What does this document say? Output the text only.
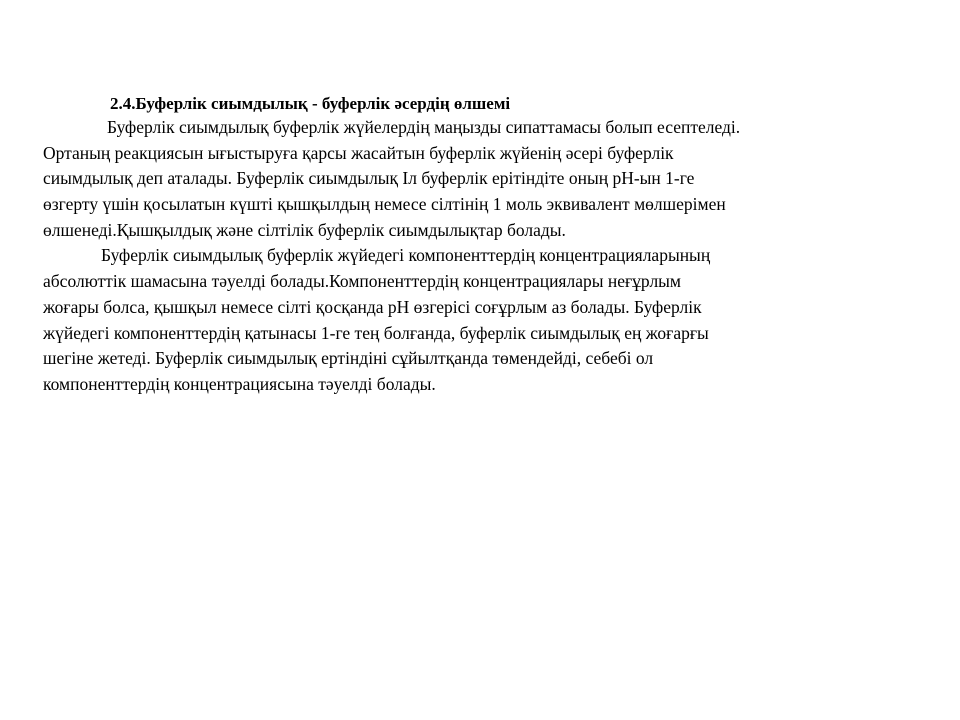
2.4.Буферлік сиымдылық - буферлік әсердің өлшемі
Буферлік сиымдылық буферлік жүйелердің маңызды сипаттамасы болып есептеледі.
Ортаның реакциясын ығыстыруға қарсы жасайтын буферлік жүйенің әсері буферлік
сиымдылық деп аталады. Буферлік сиымдылық Iл буферлік ерітіндіте оның pH-ын 1-ге
өзгерту үшін қосылатын күшті қышқылдың немесе сілтінің 1 моль эквивалент мөлшерімен
өлшенеді.Қышқылдық және сілтілік буферлік сиымдылықтар болады.
Буферлік сиымдылық буферлік жүйедегі компоненттердің концентрацияларының
абсолюттік шамасына тәуелді болады.Компоненттердің концентрациялары неғұрлым
жоғары болса, қышқыл немесе сілті қосқанда pH өзгерісі соғұрлым аз болады. Буферлік
жүйедегі компоненттердің қатынасы 1-ге тең болғанда, буферлік сиымдылық ең жоғарғы
шегіне жетеді. Буферлік сиымдылық ертіндіні сұйылтқанда төмендейді, себебі ол
компоненттердің концентрациясына тәуелді болады.
